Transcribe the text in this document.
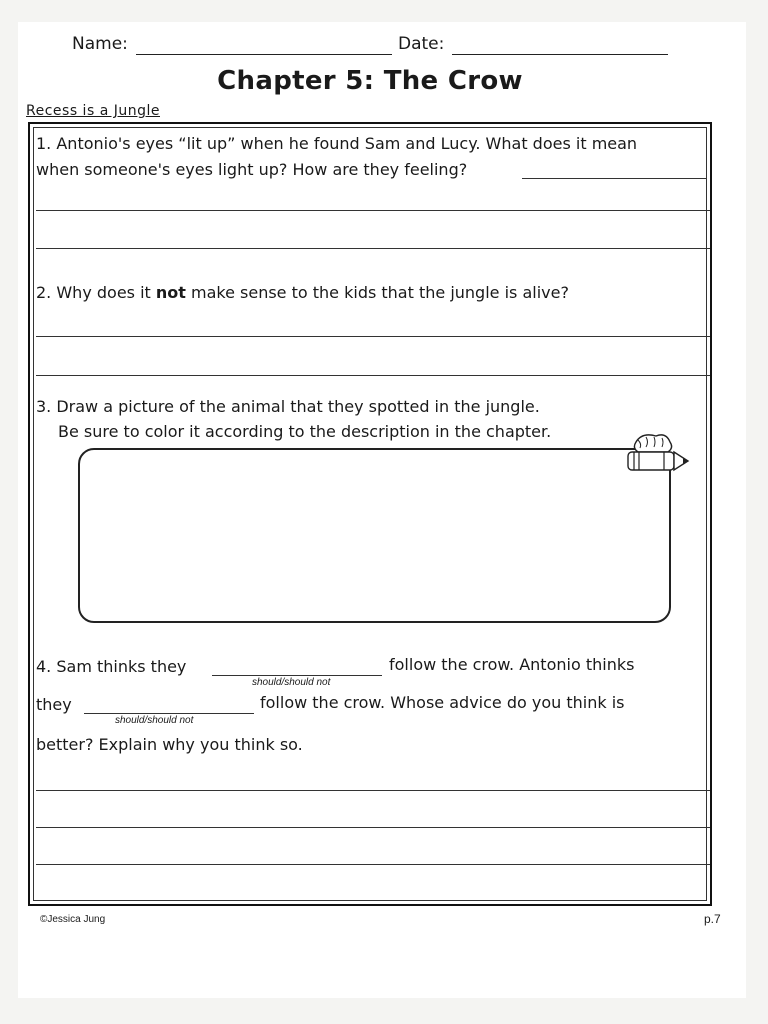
Name:	Date:
Chapter 5: The Crow
Recess is a Jungle
1. Antonio's eyes “lit up” when he found Sam and Lucy. What does it mean
when someone's eyes light up? How are they feeling?
2. Why does it not make sense to the kids that the jungle is alive?
3. Draw a picture of the animal that they spotted in the jungle.
Be sure to color it according to the description in the chapter.
4. Sam thinks they
should/should not
follow the crow. Antonio thinks
they
should/should not
follow the crow. Whose advice do you think is
better? Explain why you think so.
©Jessica Jung	p.7
